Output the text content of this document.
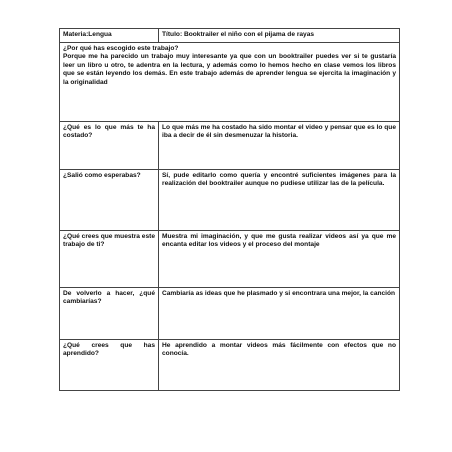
Materia:Lengua	Título: Booktrailer el niño con el pijama de rayas

¿Por qué has escogido este trabajo?
Porque me ha parecido un trabajo muy interesante ya que con un booktrailer puedes ver si te gustaría leer un libro u otro, te adentra en la lectura, y además como lo hemos hecho en clase vemos los libros que se están leyendo los demás. En este trabajo además de aprender lengua se ejercita la imaginación y la originalidad	

¿Qué es lo que más te ha costado?	Lo que más me ha costado ha sido montar el video y pensar que es lo que iba a decir de él sin desmenuzar la historia.
¿Salió como esperabas?	Sí, pude editarlo como quería y encontré suficientes imágenes para la realización del booktrailer aunque no pudiese utilizar las de la película.
¿Qué crees que muestra este trabajo de ti?	Muestra mi imaginación, y que me gusta realizar videos así ya que me encanta editar los videos y el proceso del montaje
De volverlo a hacer, ¿qué cambiarías?	Cambiaría as ideas que he plasmado y si encontrara una mejor, la canción
¿Qué crees que has aprendido?	He aprendido a montar videos más fácilmente con efectos que no conocía.
